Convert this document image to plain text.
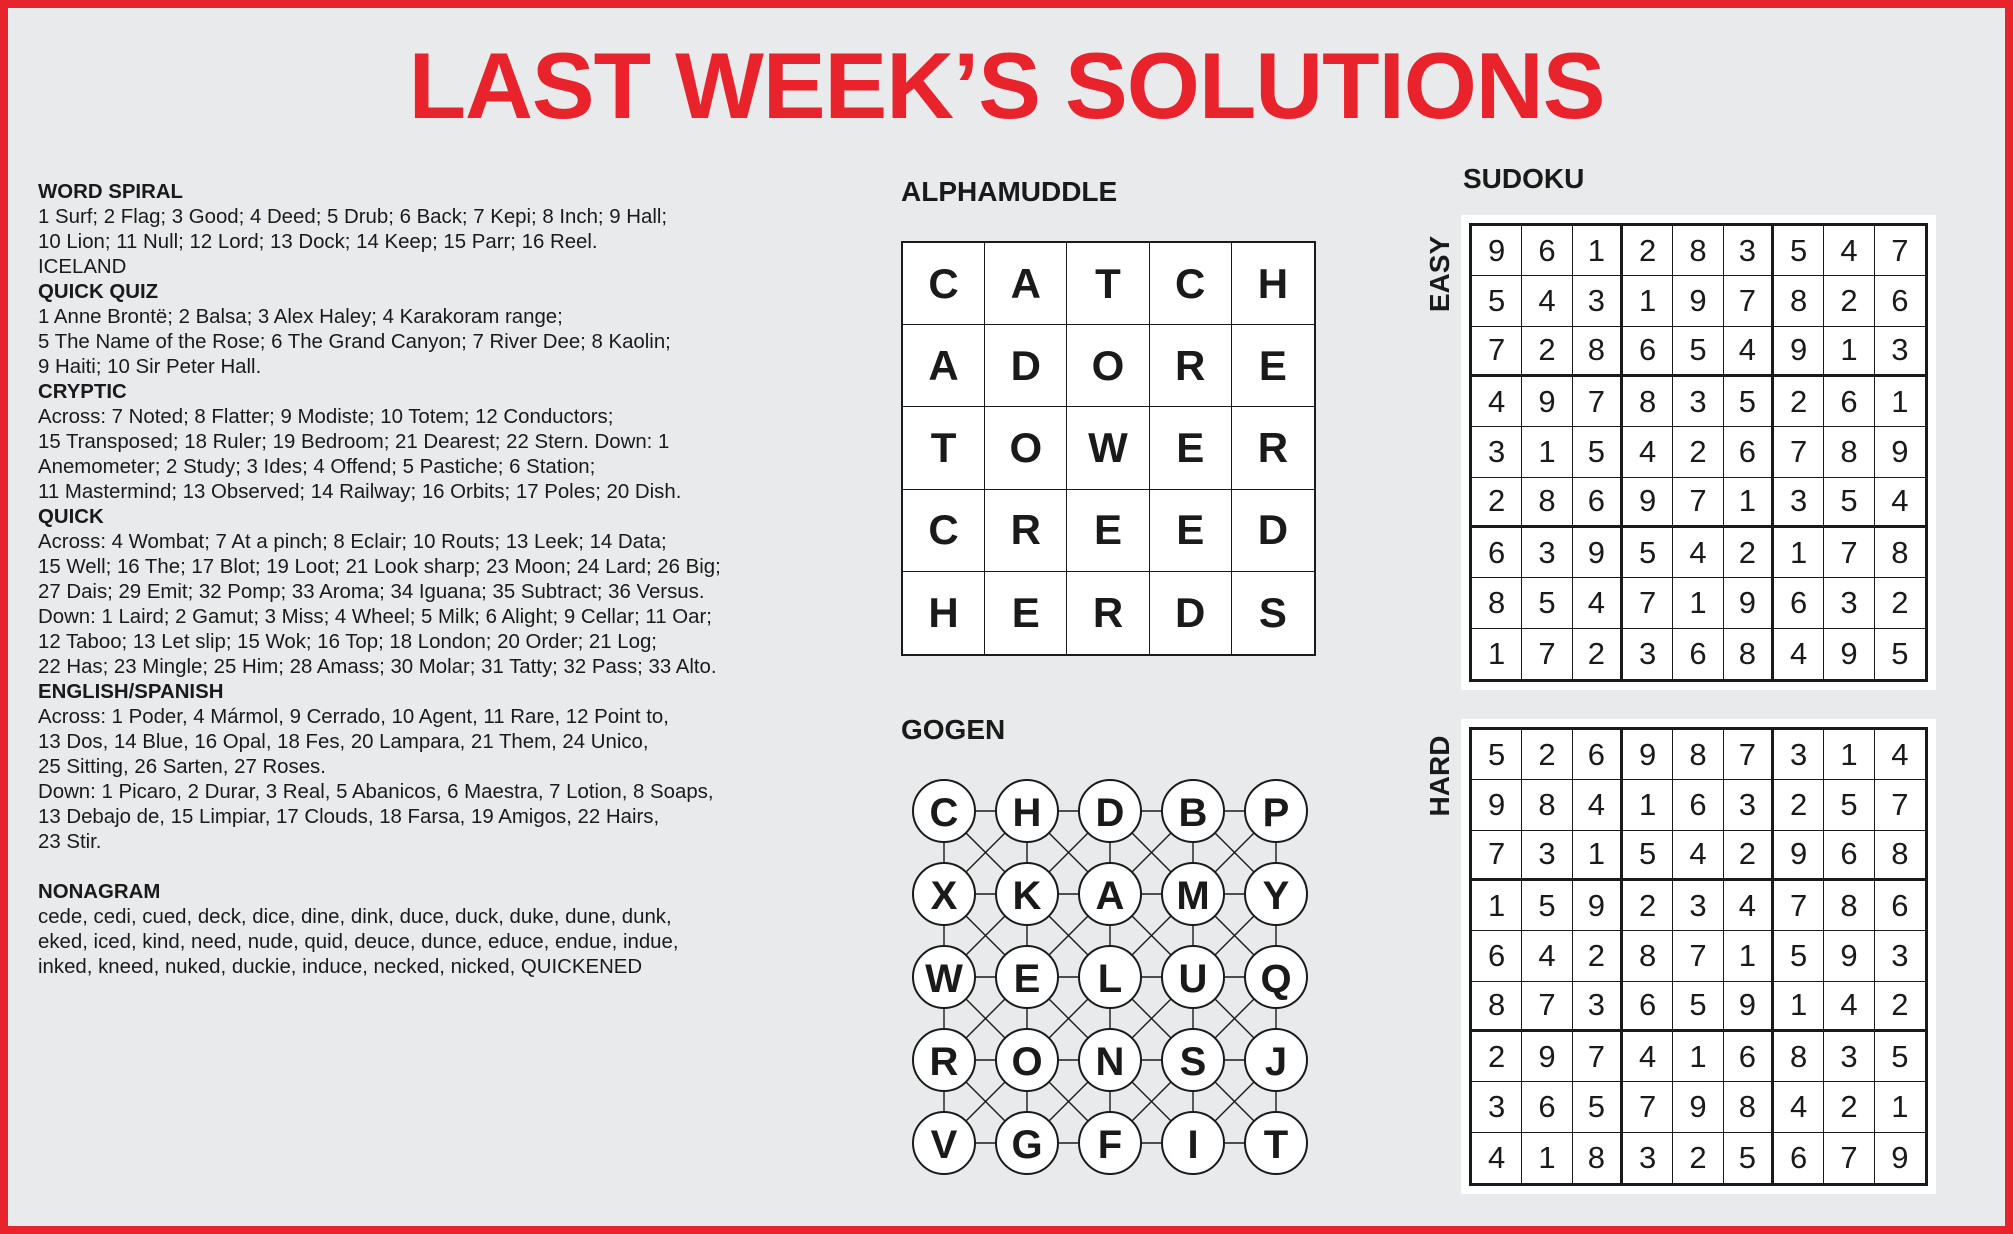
LAST WEEK’S SOLUTIONS
WORD SPIRAL
1 Surf; 2 Flag; 3 Good; 4 Deed; 5 Drub; 6 Back; 7 Kepi; 8 Inch; 9 Hall;
10 Lion; 11 Null; 12 Lord; 13 Dock; 14 Keep; 15 Parr; 16 Reel.
ICELAND
QUICK QUIZ
1 Anne Brontë; 2 Balsa; 3 Alex Haley; 4 Karakoram range;
5 The Name of the Rose; 6 The Grand Canyon; 7 River Dee; 8 Kaolin;
9 Haiti; 10 Sir Peter Hall.
CRYPTIC
Across: 7 Noted; 8 Flatter; 9 Modiste; 10 Totem; 12 Conductors;
15 Transposed; 18 Ruler; 19 Bedroom; 21 Dearest; 22 Stern. Down: 1
Anemometer; 2 Study; 3 Ides; 4 Offend; 5 Pastiche; 6 Station;
11 Mastermind; 13 Observed; 14 Railway; 16 Orbits; 17 Poles; 20 Dish.
QUICK
Across: 4 Wombat; 7 At a pinch; 8 Eclair; 10 Routs; 13 Leek; 14 Data;
15 Well; 16 The; 17 Blot; 19 Loot; 21 Look sharp; 23 Moon; 24 Lard; 26 Big;
27 Dais; 29 Emit; 32 Pomp; 33 Aroma; 34 Iguana; 35 Subtract; 36 Versus.
Down: 1 Laird; 2 Gamut; 3 Miss; 4 Wheel; 5 Milk; 6 Alight; 9 Cellar; 11 Oar;
12 Taboo; 13 Let slip; 15 Wok; 16 Top; 18 London; 20 Order; 21 Log;
22 Has; 23 Mingle; 25 Him; 28 Amass; 30 Molar; 31 Tatty; 32 Pass; 33 Alto.
ENGLISH/SPANISH
Across: 1 Poder, 4 Mármol, 9 Cerrado, 10 Agent, 11 Rare, 12 Point to,
13 Dos, 14 Blue, 16 Opal, 18 Fes, 20 Lampara, 21 Them, 24 Unico,
25 Sitting, 26 Sarten, 27 Roses.
Down: 1 Picaro, 2 Durar, 3 Real, 5 Abanicos, 6 Maestra, 7 Lotion, 8 Soaps,
13 Debajo de, 15 Limpiar, 17 Clouds, 18 Farsa, 19 Amigos, 22 Hairs,
23 Stir.
NONAGRAM
cede, cedi, cued, deck, dice, dine, dink, duce, duck, duke, dune, dunk,
eked, iced, kind, need, nude, quid, deuce, dunce, educe, endue, indue,
inked, kneed, nuked, duckie, induce, necked, nicked, QUICKENED
ALPHAMUDDLE
C	A	T	C	H
A	D	O	R	E
T	O	W	E	R
C	R	E	E	D
H	E	R	D	S
GOGEN
C H D B P
X K A M Y
W E L U Q
R O N S J
V G F I T
SUDOKU
EASY	9	6	1	2	8	3	5	4	7
5	4	3	1	9	7	8	2	6
7	2	8	6	5	4	9	1	3
4	9	7	8	3	5	2	6	1
3	1	5	4	2	6	7	8	9
2	8	6	9	7	1	3	5	4
6	3	9	5	4	2	1	7	8
8	5	4	7	1	9	6	3	2
1	7	2	3	6	8	4	9	5
HARD	5	2	6	9	8	7	3	1	4
9	8	4	1	6	3	2	5	7
7	3	1	5	4	2	9	6	8
1	5	9	2	3	4	7	8	6
6	4	2	8	7	1	5	9	3
8	7	3	6	5	9	1	4	2
2	9	7	4	1	6	8	3	5
3	6	5	7	9	8	4	2	1
4	1	8	3	2	5	6	7	9
